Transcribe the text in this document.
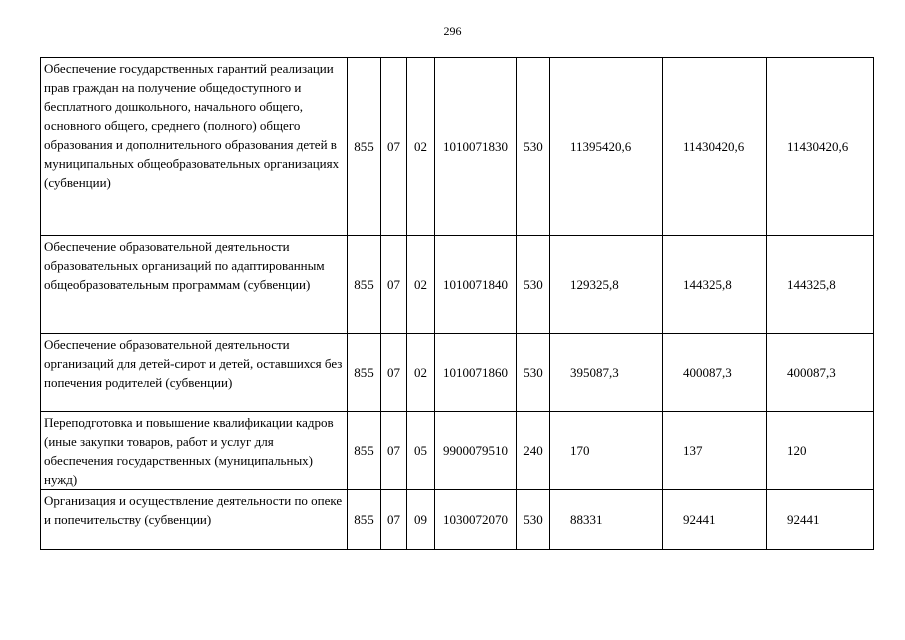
296
Обеспечение государственных гарантий реализации прав граждан на получение общедоступного и бесплатного дошкольного, начального общего, основного общего, среднего (полного) общего образования и дополнительного образования детей в муниципальных общеобразовательных организациях (субвенции)	855	07	02	1010071830	530	11395420,6	11430420,6	11430420,6
Обеспечение образовательной деятельности образовательных организаций по адаптированным общеобразовательным программам (субвенции)	855	07	02	1010071840	530	129325,8	144325,8	144325,8
Обеспечение образовательной деятельности организаций для детей-сирот и детей, оставшихся без попечения родителей (субвенции)	855	07	02	1010071860	530	395087,3	400087,3	400087,3
Переподготовка и повышение квалификации кадров (иные закупки товаров, работ и услуг для обеспечения государственных (муниципальных) нужд)	855	07	05	9900079510	240	170	137	120
Организация и осуществление деятельности по опеке и попечительству (субвенции)	855	07	09	1030072070	530	88331	92441	92441
